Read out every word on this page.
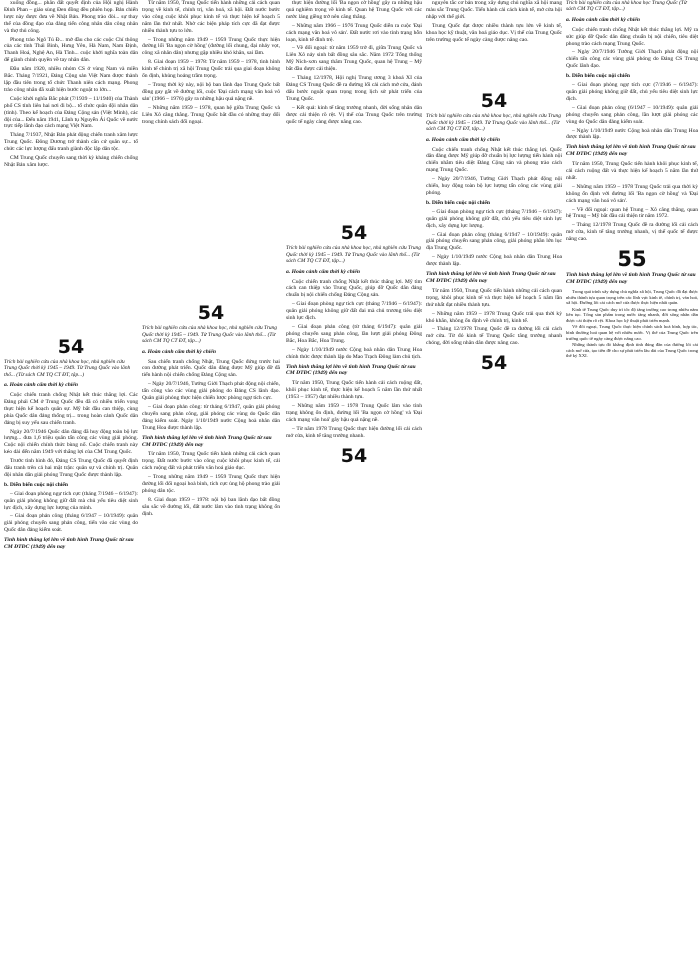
xuống đồng... phân đất quyết định của Hội nghị Hành Đinh Phan – giáo sùng Đen đồng đều phiên họp. Bản chiến lược này được đưa về Nhật Bản. Phong trào đòi... sự thay thế của đồng đạo của đảng tiến công nhân dân công nhân và thợ thủ công.

Phong trào Ngô Tú Đ... mở đầu cho các cuộc Chí thông của các tỉnh Thái Bình, Hưng Yên, Hà Nam, Nam Định, Thanh Hoá, Nghệ An, Hà Tĩnh... cuộc khởi nghĩa toàn dân để giành chính quyền về tay nhân dân.

Đầu năm 1920, nhiều nhóm CS ở vùng Nam và miền Bắc. Tháng 7/1921, Đảng Cộng sản Việt Nam được thành lập đầu tiên trong tổ chức Thanh niên cách mạng. Phong trào công nhân đã xuất hiện bước ngoặt to lớn...

Cuộc khởi nghĩa Bắc phát (7/1939 – 11/1940) của Thành phố CS tỉnh liên hai nơi đi bộ... tổ chức quân đội nhân dân (tỉnh). Theo kế hoạch của Đảng Cộng sản (Việt Minh), các đội của... Đến năm 1941, Lãnh tụ Nguyễn Ái Quốc về nước trực tiếp lãnh đạo cách mạng Việt Nam.

Tháng 7/1937, Nhật Bản phát động chiến tranh xâm lược Trung Quốc. Đông Dương trở thành căn cứ quân sự... tổ chức các lực lượng đấu tranh giành độc lập dân tộc.

CM Trung Quốc chuyển sang thời kỳ kháng chiến chống Nhật Bản xâm lược.

54
Trích bài nghiên cứu của nhà khoa học, nhà nghiên cứu Trung Quốc thời kỳ 1945 – 1949. Từ Trung Quốc vào lãnh thổ... (Từ sách CM TQ CT ĐT, tập...)
a. Hoàn cảnh cấm thời kỳ chiến

Cuộc chiến tranh chống Nhật kết thúc thắng lợi. Các Đảng phái CM ở Trung Quốc đều đã có nhiều triển vọng thực hiện kế hoạch quân sự. Mỹ bắt đầu can thiệp, cùng phía Quốc dân đảng thống trị... trong hoàn cảnh Quốc dân đảng bị suy yếu sau chiến tranh.

Ngày 20/7/1946 Quốc dân đảng đã huy động toàn bộ lực lượng... đưa 1,6 triệu quân tấn công các vùng giải phóng. Cuộc nội chiến chính thức bùng nổ. Cuộc chiến tranh này kéo dài đến năm 1949 với thắng lợi của CM Trung Quốc.

Trước tình hình đó, Đảng CS Trung Quốc đã quyết định đấu tranh trên cả hai mặt trận: quân sự và chính trị. Quân đội nhân dân giải phóng Trung Quốc được thành lập.

b. Diễn biến cuộc nội chiến

– Giai đoạn phòng ngự tích cực (tháng 7/1946 – 6/1947): quân giải phóng không giữ đất mà chủ yếu tiêu diệt sinh lực địch, xây dựng lực lượng của mình.

– Giai đoạn phản công (tháng 6/1947 – 10/1949): quân giải phóng chuyển sang phản công, tiến vào các vùng do Quốc dân đảng kiểm soát.

Tình hình thắng lợi lớn về tình hình Trung Quốc từ sau CM ĐTĐC (1949) đến nay

Từ năm 1950, Trung Quốc tiến hành những cải cách quan trọng về kinh tế, chính trị, văn hoá, xã hội. Đất nước bước vào công cuộc khôi phục kinh tế và thực hiện kế hoạch 5 năm lần thứ nhất. Nhờ các biện pháp tích cực đã đạt được nhiều thành tựu to lớn.

– Trong những năm 1949 – 1959 Trung Quốc thực hiện đường lối 'Ba ngọn cờ hồng' (đường lối chung, đại nhảy vọt, công xã nhân dân) nhưng gặp nhiều khó khăn, sai lầm.

8. Giai đoạn 1959 – 1978: Từ năm 1959 – 1978, tình hình kinh tế chính trị xã hội Trung Quốc trải qua giai đoạn không ổn định, khủng hoảng trầm trọng.

– Trong thời kỳ này, nội bộ ban lãnh đạo Trung Quốc bất đồng gay gắt về đường lối, cuộc 'Đại cách mạng văn hoá vô sản' (1966 – 1976) gây ra những hậu quả nặng nề.

– Những năm 1959 – 1978, quan hệ giữa Trung Quốc và Liên Xô căng thẳng. Trung Quốc bắt đầu có những thay đổi trong chính sách đối ngoại.

54
Trích bài nghiên cứu của nhà khoa học, nhà nghiên cứu Trung Quốc thời kỳ 1945 – 1949. Từ Trung Quốc vào lãnh thổ... (Từ sách CM TQ CT ĐT, tập...)
a. Hoàn cảnh cấm thời kỳ chiến

Sau chiến tranh chống Nhật, Trung Quốc đứng trước hai con đường phát triển. Quốc dân đảng được Mỹ giúp đỡ đã tiến hành nội chiến chống Đảng Cộng sản.

– Ngày 20/7/1946, Tưởng Giới Thạch phát động nội chiến, tấn công vào các vùng giải phóng do Đảng CS lãnh đạo. Quân giải phóng thực hiện chiến lược phòng ngự tích cực.

– Giai đoạn phản công: từ tháng 6/1947, quân giải phóng chuyển sang phản công, giải phóng các vùng do Quốc dân đảng kiểm soát. Ngày 1/10/1949 nước Cộng hoà nhân dân Trung Hoa được thành lập.

Tình hình thắng lợi lớn về tình hình Trung Quốc từ sau CM ĐTĐC (1949) đến nay

Từ năm 1950, Trung Quốc tiến hành những cải cách quan trọng. Đất nước bước vào công cuộc khôi phục kinh tế, cải cách ruộng đất và phát triển văn hoá giáo dục.

– Trong những năm 1949 – 1959 Trung Quốc thực hiện đường lối đối ngoại hoà bình, tích cực ủng hộ phong trào giải phóng dân tộc.

8. Giai đoạn 1959 – 1978: nội bộ ban lãnh đạo bất đồng sâu sắc về đường lối, đất nước lâm vào tình trạng không ổn định.

thực hiện đường lối 'Ba ngọn cờ hồng' gây ra những hậu quả nghiêm trọng về kinh tế. Quan hệ Trung Quốc với các nước láng giềng trở nên căng thẳng.

– Những năm 1966 – 1976 Trung Quốc diễn ra cuộc 'Đại cách mạng văn hoá vô sản'. Đất nước rơi vào tình trạng hỗn loạn, kinh tế đình trệ.

– Về đối ngoại: từ năm 1959 trở đi, giữa Trung Quốc và Liên Xô nảy sinh bất đồng sâu sắc. Năm 1972 Tổng thống Mỹ Ních-xơn sang thăm Trung Quốc, quan hệ Trung – Mỹ bắt đầu được cải thiện.

– Tháng 12/1978, Hội nghị Trung ương 3 khoá XI của Đảng CS Trung Quốc đề ra đường lối cải cách mở cửa, đánh dấu bước ngoặt quan trọng trong lịch sử phát triển của Trung Quốc.

– Kết quả: kinh tế tăng trưởng nhanh, đời sống nhân dân được cải thiện rõ rệt. Vị thế của Trung Quốc trên trường quốc tế ngày càng được nâng cao.

54
Trích bài nghiên cứu của nhà khoa học, nhà nghiên cứu Trung Quốc thời kỳ 1945 – 1949. Từ Trung Quốc vào lãnh thổ... (Từ sách CM TQ CT ĐT, tập...)
a. Hoàn cảnh cấm thời kỳ chiến

Cuộc chiến tranh chống Nhật kết thúc thắng lợi. Mỹ tìm cách can thiệp vào Trung Quốc, giúp đỡ Quốc dân đảng chuẩn bị nội chiến chống Đảng Cộng sản.

– Giai đoạn phòng ngự tích cực (tháng 7/1946 – 6/1947): quân giải phóng không giữ đất đai mà chủ trương tiêu diệt sinh lực địch.

– Giai đoạn phản công (từ tháng 6/1947): quân giải phóng chuyển sang phản công, lần lượt giải phóng Đông Bắc, Hoa Bắc, Hoa Trung.

– Ngày 1/10/1949 nước Cộng hoà nhân dân Trung Hoa chính thức được thành lập do Mao Trạch Đông làm chủ tịch.

Tình hình thắng lợi lớn về tình hình Trung Quốc từ sau CM ĐTĐC (1949) đến nay

Từ năm 1950, Trung Quốc tiến hành cải cách ruộng đất, khôi phục kinh tế, thực hiện kế hoạch 5 năm lần thứ nhất (1953 – 1957) đạt nhiều thành tựu.

– Những năm 1959 – 1978 Trung Quốc lâm vào tình trạng không ổn định, đường lối 'Ba ngọn cờ hồng' và 'Đại cách mạng văn hoá' gây hậu quả nặng nề.

– Từ năm 1978 Trung Quốc thực hiện đường lối cải cách mở cửa, kinh tế tăng trưởng nhanh.

54

nguyên tắc cơ bản trong xây dựng chủ nghĩa xã hội mang màu sắc Trung Quốc. Tiến hành cải cách kinh tế, mở cửa hội nhập với thế giới.

Trung Quốc đạt được nhiều thành tựu lớn về kinh tế, khoa học kỹ thuật, văn hoá giáo dục. Vị thế của Trung Quốc trên trường quốc tế ngày càng được nâng cao.

54
Trích bài nghiên cứu của nhà khoa học, nhà nghiên cứu Trung Quốc thời kỳ 1945 – 1949. Từ Trung Quốc vào lãnh thổ... (Từ sách CM TQ CT ĐT, tập...)
a. Hoàn cảnh cấm thời kỳ chiến

Cuộc chiến tranh chống Nhật kết thúc thắng lợi. Quốc dân đảng được Mỹ giúp đỡ chuẩn bị lực lượng tiến hành nội chiến nhằm tiêu diệt Đảng Cộng sản và phong trào cách mạng Trung Quốc.

– Ngày 20/7/1946, Tưởng Giới Thạch phát động nội chiến, huy động toàn bộ lực lượng tấn công các vùng giải phóng.

b. Diễn biến cuộc nội chiến

– Giai đoạn phòng ngự tích cực (tháng 7/1946 – 6/1947): quân giải phóng không giữ đất, chủ yếu tiêu diệt sinh lực địch, xây dựng lực lượng.

– Giai đoạn phản công (tháng 6/1947 – 10/1949): quân giải phóng chuyển sang phản công, giải phóng phần lớn lục địa Trung Quốc.

– Ngày 1/10/1949 nước Cộng hoà nhân dân Trung Hoa được thành lập.

Tình hình thắng lợi lớn về tình hình Trung Quốc từ sau CM ĐTĐC (1949) đến nay

Từ năm 1950, Trung Quốc tiến hành những cải cách quan trọng, khôi phục kinh tế và thực hiện kế hoạch 5 năm lần thứ nhất đạt nhiều thành tựu.

– Những năm 1959 – 1978 Trung Quốc trải qua thời kỳ khó khăn, không ổn định về chính trị, kinh tế.

– Tháng 12/1978 Trung Quốc đề ra đường lối cải cách mở cửa. Từ đó kinh tế Trung Quốc tăng trưởng nhanh chóng, đời sống nhân dân được nâng cao.

54
Trích bài nghiên cứu của nhà khoa học Trung Quốc (Từ sách CM TQ CT ĐT, tập...)
a. Hoàn cảnh cấm thời kỳ chiến

Cuộc chiến tranh chống Nhật kết thúc thắng lợi. Mỹ ra sức giúp đỡ Quốc dân đảng chuẩn bị nội chiến, tiêu diệt phong trào cách mạng Trung Quốc.

– Ngày 20/7/1946 Tưởng Giới Thạch phát động nội chiến tấn công các vùng giải phóng do Đảng CS Trung Quốc lãnh đạo.

b. Diễn biến cuộc nội chiến

– Giai đoạn phòng ngự tích cực (7/1946 – 6/1947): quân giải phóng không giữ đất, chủ yếu tiêu diệt sinh lực địch.

– Giai đoạn phản công (6/1947 – 10/1949): quân giải phóng chuyển sang phản công, lần lượt giải phóng các vùng do Quốc dân đảng kiểm soát.

– Ngày 1/10/1949 nước Cộng hoà nhân dân Trung Hoa được thành lập.

Tình hình thắng lợi lớn về tình hình Trung Quốc từ sau CM ĐTĐC (1949) đến nay

Từ năm 1950, Trung Quốc tiến hành khôi phục kinh tế, cải cách ruộng đất và thực hiện kế hoạch 5 năm lần thứ nhất.

– Những năm 1959 – 1978 Trung Quốc trải qua thời kỳ không ổn định với đường lối 'Ba ngọn cờ hồng' và 'Đại cách mạng văn hoá vô sản'.

– Về đối ngoại: quan hệ Trung – Xô căng thẳng, quan hệ Trung – Mỹ bắt đầu cải thiện từ năm 1972.

– Tháng 12/1978 Trung Quốc đề ra đường lối cải cách mở cửa, kinh tế tăng trưởng nhanh, vị thế quốc tế được nâng cao.

55
Tình hình thắng lợi lớn về tình hình Trung Quốc từ sau CM ĐTĐC (1949) đến nay

Trong quá trình xây dựng chủ nghĩa xã hội, Trung Quốc đã đạt được nhiều thành tựu quan trọng trên các lĩnh vực kinh tế, chính trị, văn hoá, xã hội. Đường lối cải cách mở cửa được thực hiện nhất quán.

Kinh tế Trung Quốc duy trì tốc độ tăng trưởng cao trong nhiều năm liên tục. Tổng sản phẩm trong nước tăng nhanh, đời sống nhân dân được cải thiện rõ rệt. Khoa học kỹ thuật phát triển mạnh.

Về đối ngoại, Trung Quốc thực hiện chính sách hoà bình, hợp tác, bình thường hoá quan hệ với nhiều nước. Vị thế của Trung Quốc trên trường quốc tế ngày càng được nâng cao.

Những thành tựu đó khẳng định tính đúng đắn của đường lối cải cách mở cửa, tạo tiền đề cho sự phát triển lâu dài của Trung Quốc trong thế kỷ XXI.
